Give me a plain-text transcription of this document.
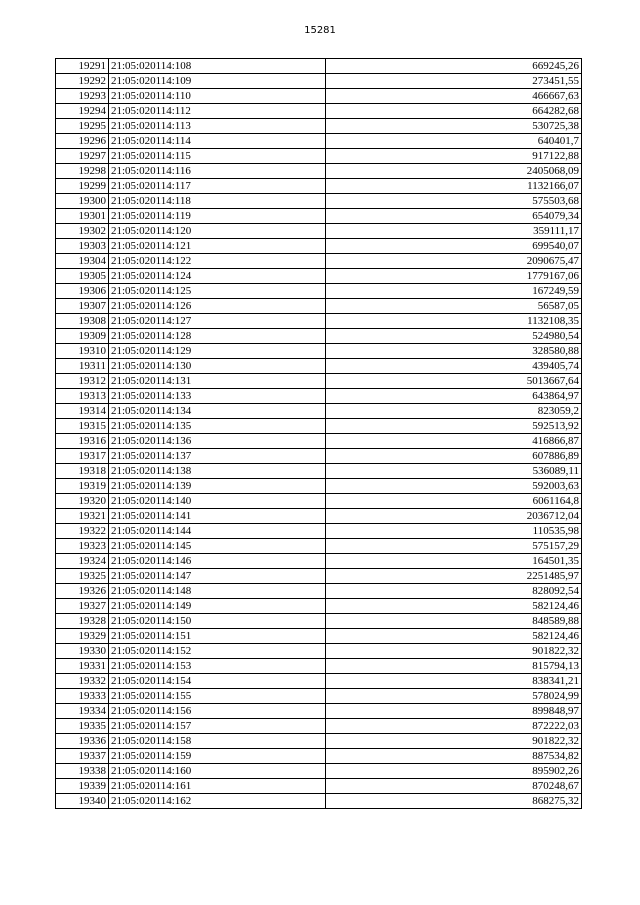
15281
19291	21:05:020114:108	669245,26
19292	21:05:020114:109	273451,55
19293	21:05:020114:110	466667,63
19294	21:05:020114:112	664282,68
19295	21:05:020114:113	530725,38
19296	21:05:020114:114	640401,7
19297	21:05:020114:115	917122,88
19298	21:05:020114:116	2405068,09
19299	21:05:020114:117	1132166,07
19300	21:05:020114:118	575503,68
19301	21:05:020114:119	654079,34
19302	21:05:020114:120	359111,17
19303	21:05:020114:121	699540,07
19304	21:05:020114:122	2090675,47
19305	21:05:020114:124	1779167,06
19306	21:05:020114:125	167249,59
19307	21:05:020114:126	56587,05
19308	21:05:020114:127	1132108,35
19309	21:05:020114:128	524980,54
19310	21:05:020114:129	328580,88
19311	21:05:020114:130	439405,74
19312	21:05:020114:131	5013667,64
19313	21:05:020114:133	643864,97
19314	21:05:020114:134	823059,2
19315	21:05:020114:135	592513,92
19316	21:05:020114:136	416866,87
19317	21:05:020114:137	607886,89
19318	21:05:020114:138	536089,11
19319	21:05:020114:139	592003,63
19320	21:05:020114:140	6061164,8
19321	21:05:020114:141	2036712,04
19322	21:05:020114:144	110535,98
19323	21:05:020114:145	575157,29
19324	21:05:020114:146	164501,35
19325	21:05:020114:147	2251485,97
19326	21:05:020114:148	828092,54
19327	21:05:020114:149	582124,46
19328	21:05:020114:150	848589,88
19329	21:05:020114:151	582124,46
19330	21:05:020114:152	901822,32
19331	21:05:020114:153	815794,13
19332	21:05:020114:154	838341,21
19333	21:05:020114:155	578024,99
19334	21:05:020114:156	899848,97
19335	21:05:020114:157	872222,03
19336	21:05:020114:158	901822,32
19337	21:05:020114:159	887534,82
19338	21:05:020114:160	895902,26
19339	21:05:020114:161	870248,67
19340	21:05:020114:162	868275,32
